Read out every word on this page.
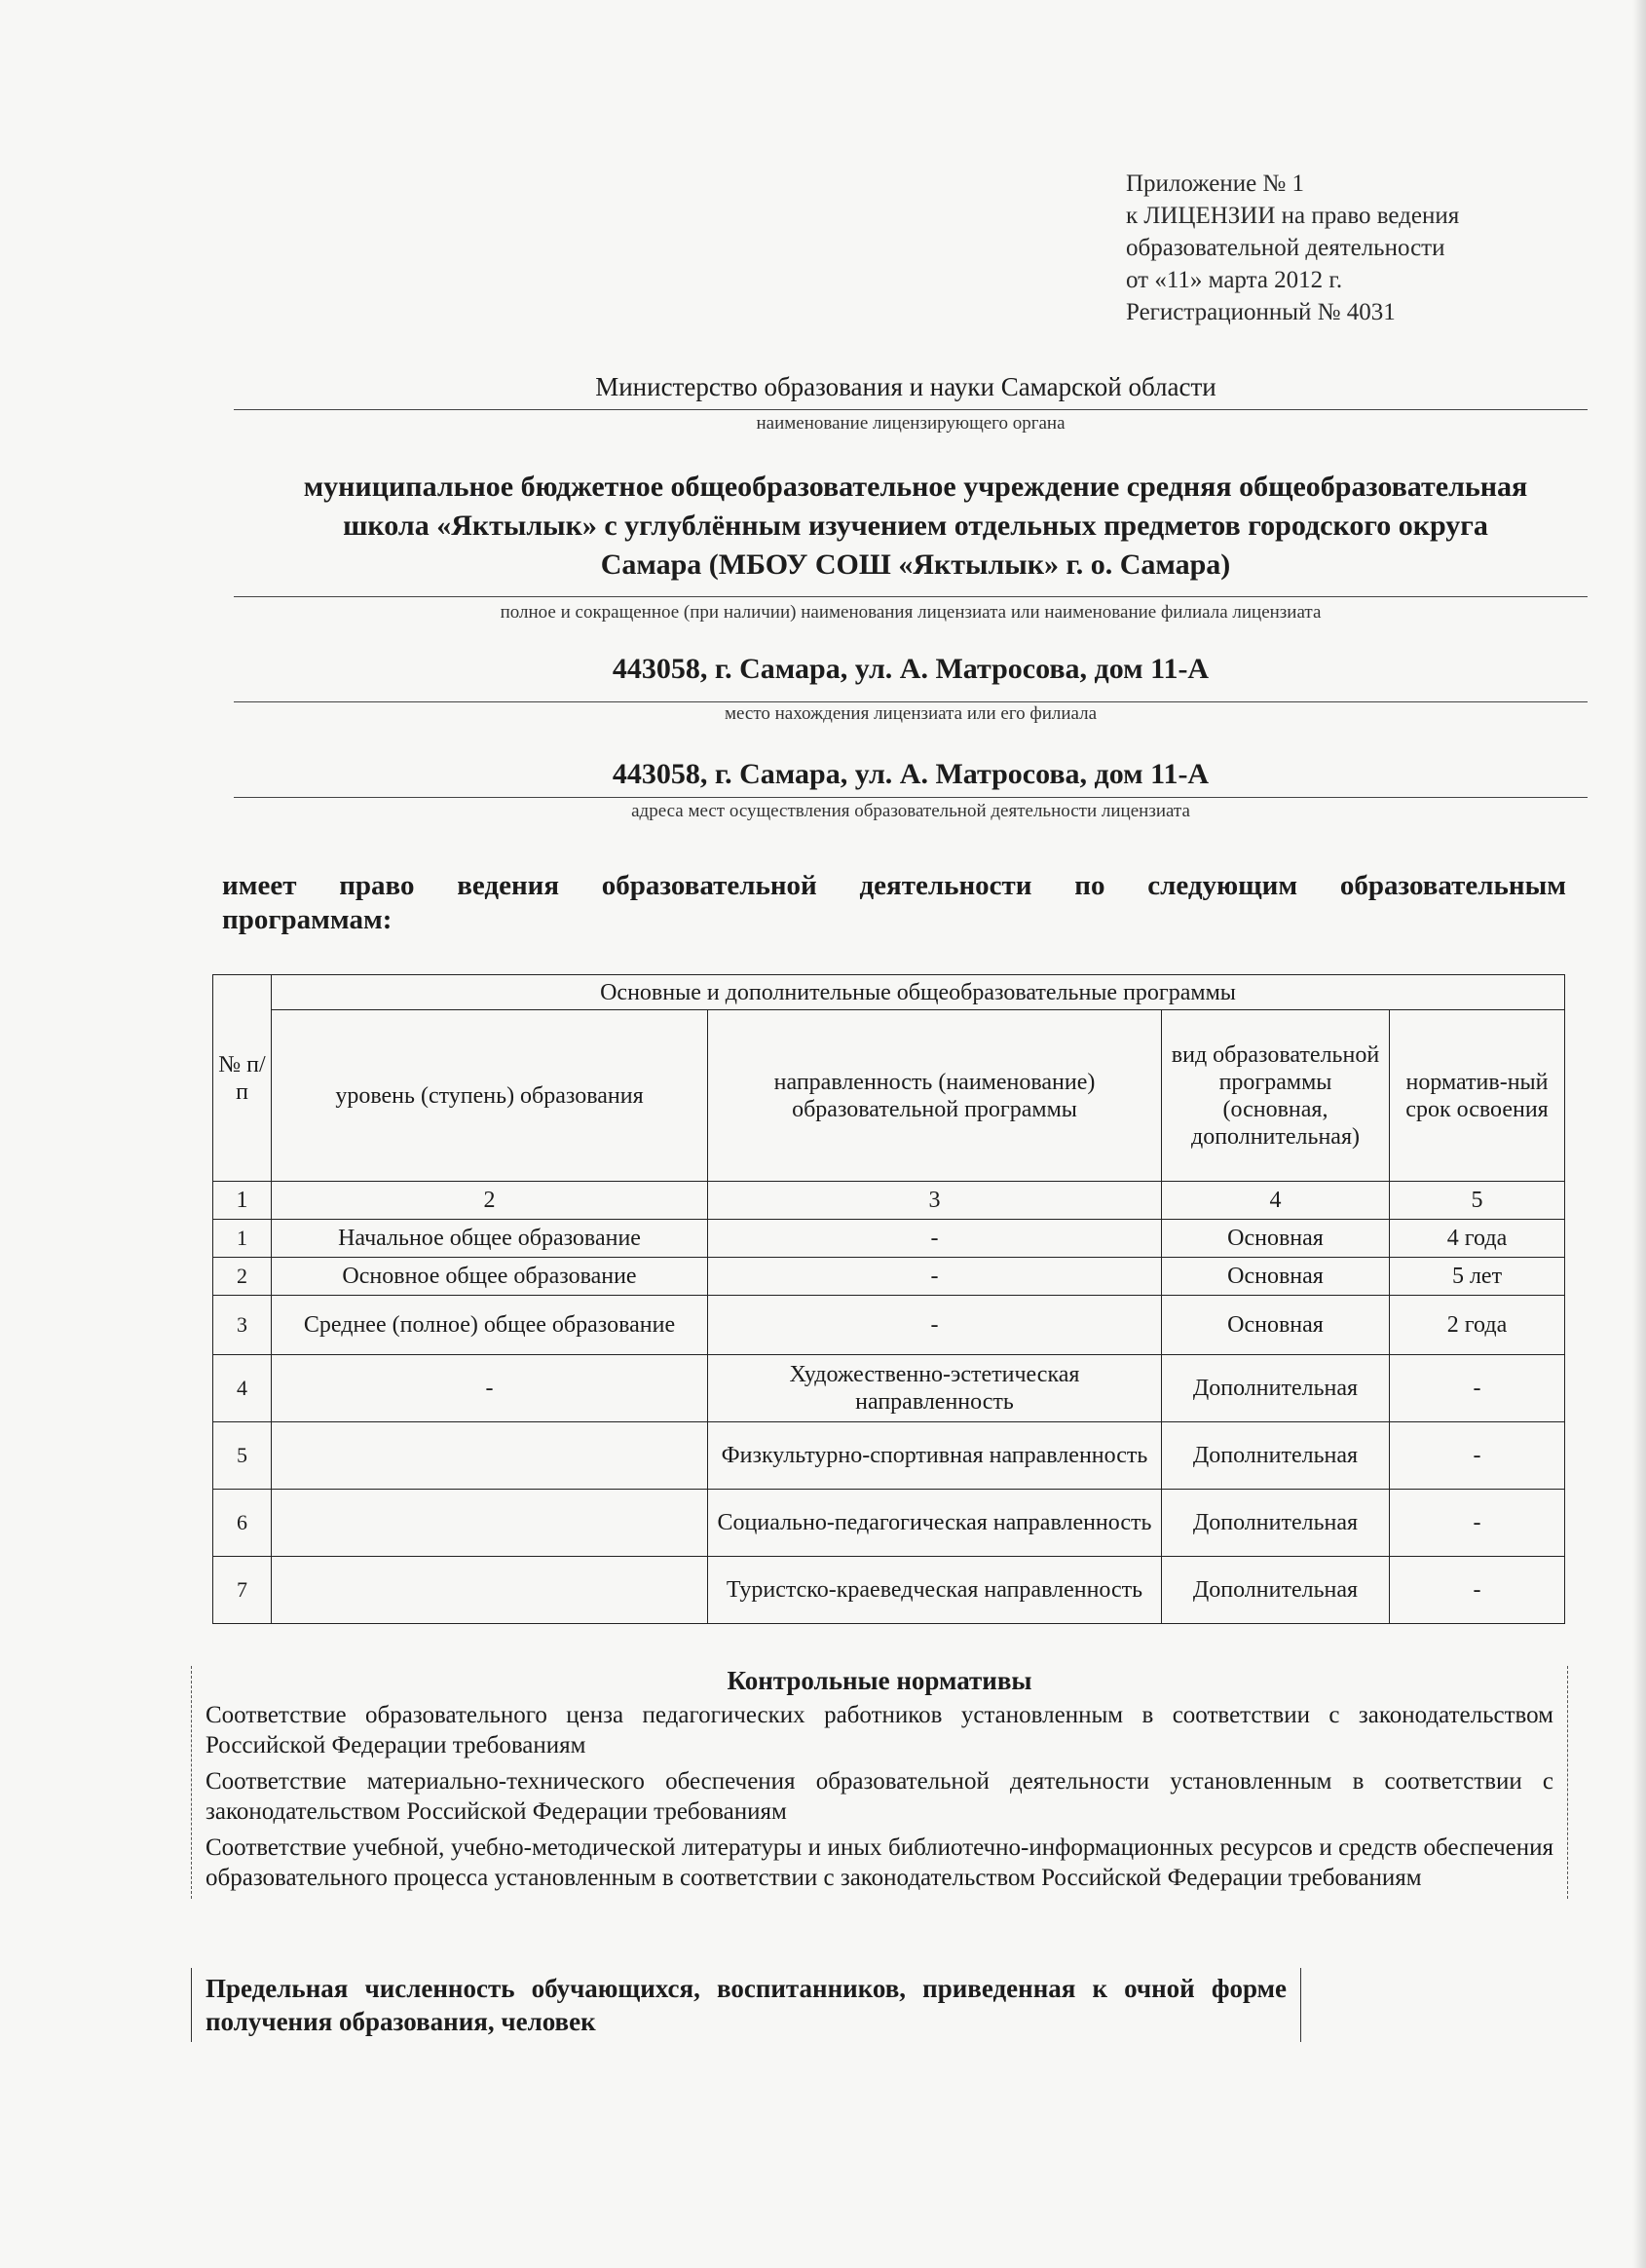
Приложение № 1
к ЛИЦЕНЗИИ на право ведения
образовательной деятельности
от «11» марта 2012 г.
Регистрационный № 4031
Министерство образования и науки Самарской области
наименование лицензирующего органа
муниципальное бюджетное общеобразовательное учреждение средняя общеобразовательная
школа «Яктылык» с углублённым изучением отдельных предметов городского округа
Самара (МБОУ СОШ «Яктылык» г. о. Самара)
полное и сокращенное (при наличии) наименования лицензиата или наименование филиала лицензиата
443058, г. Самара, ул. А. Матросова, дом 11-А
место нахождения лицензиата или его филиала
443058, г. Самара, ул. А. Матросова, дом 11-А
адреса мест осуществления образовательной деятельности лицензиата
имеет право ведения образовательной деятельности по следующим образовательным
программам:
№ п/п	Основные и дополнительные общеобразовательные программы			
	уровень (ступень) образования	направленность (наименование) образовательной программы	вид образовательной программы (основная, дополнительная)	норматив-ный срок освоения
1	2	3	4	5
1	Начальное общее образование	-	Основная	4 года
2	Основное общее образование	-	Основная	5 лет
3	Среднее (полное) общее образование	-	Основная	2 года
4	-	Художественно-эстетическая направленность	Дополнительная	-
5		Физкультурно-спортивная направленность	Дополнительная	-
6		Социально-педагогическая направленность	Дополнительная	-
7		Туристско-краеведческая направленность	Дополнительная	-
Контрольные нормативы
Соответствие образовательного ценза педагогических работников установленным в соответствии с законодательством Российской Федерации требованиям
Соответствие материально-технического обеспечения образовательной деятельности установленным в соответствии с законодательством Российской Федерации требованиям
Соответствие учебной, учебно-методической литературы и иных библиотечно-информационных ресурсов и средств обеспечения образовательного процесса установленным в соответствии с законодательством Российской Федерации требованиям
Предельная численность обучающихся, воспитанников, приведенная к очной форме получения образования, человек
